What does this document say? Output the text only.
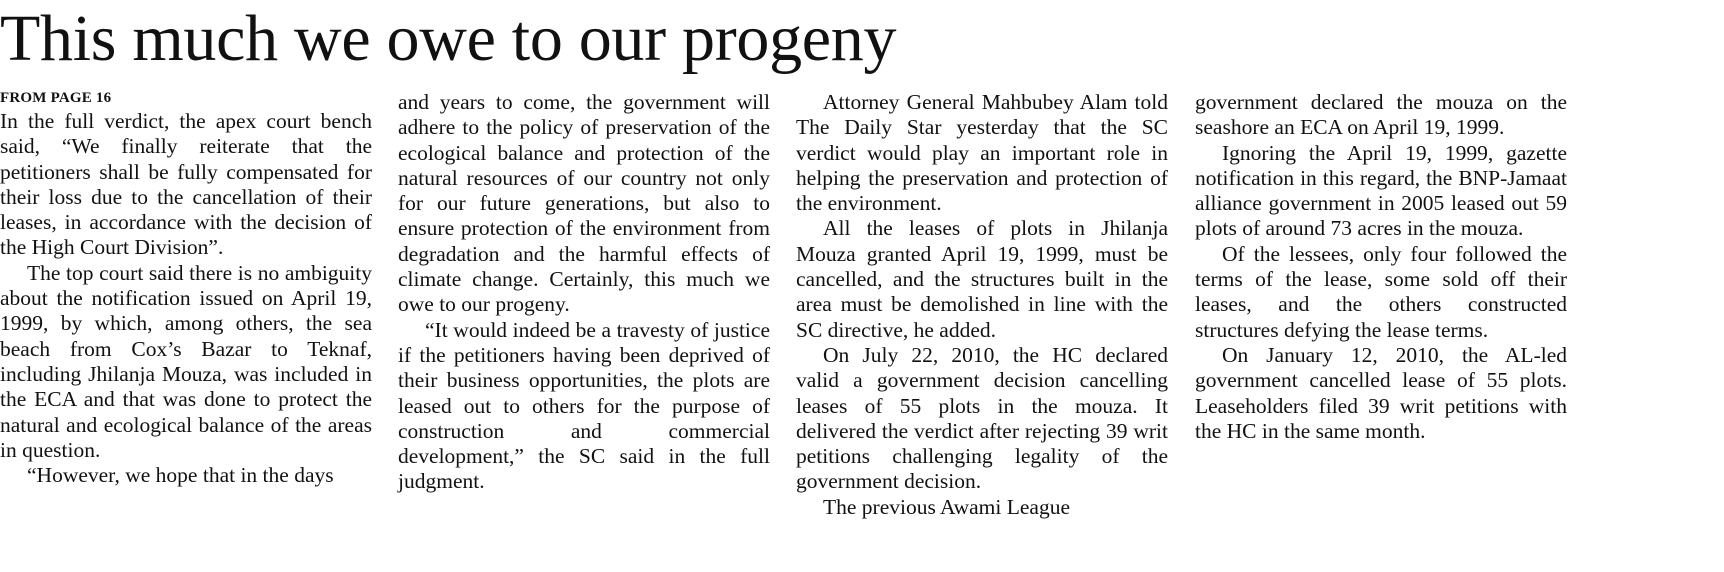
This much we owe to our progeny
FROM PAGE 16

In the full verdict, the apex court bench said, “We finally reiterate that the petitioners shall be fully compensated for their loss due to the cancellation of their leases, in accordance with the decision of the High Court Division”.

The top court said there is no ambiguity about the notification issued on April 19, 1999, by which, among others, the sea beach from Cox’s Bazar to Teknaf, including Jhilanja Mouza, was included in the ECA and that was done to protect the natural and ecological balance of the areas in question.

“However, we hope that in the days

and years to come, the government will adhere to the policy of preservation of the ecological balance and protection of the natural resources of our country not only for our future generations, but also to ensure protection of the environment from degradation and the harmful effects of climate change. Certainly, this much we owe to our progeny.

“It would indeed be a travesty of justice if the petitioners having been deprived of their business opportunities, the plots are leased out to others for the purpose of construction and commercial development,” the SC said in the full judgment.

Attorney General Mahbubey Alam told The Daily Star yesterday that the SC verdict would play an important role in helping the preservation and protection of the environment.

All the leases of plots in Jhilanja Mouza granted April 19, 1999, must be cancelled, and the structures built in the area must be demolished in line with the SC directive, he added.

On July 22, 2010, the HC declared valid a government decision cancelling leases of 55 plots in the mouza. It delivered the verdict after rejecting 39 writ petitions challenging legality of the government decision.

The previous Awami League

government declared the mouza on the seashore an ECA on April 19, 1999.

Ignoring the April 19, 1999, gazette notification in this regard, the BNP-Jamaat alliance government in 2005 leased out 59 plots of around 73 acres in the mouza.

Of the lessees, only four followed the terms of the lease, some sold off their leases, and the others constructed structures defying the lease terms.

On January 12, 2010, the AL-led government cancelled lease of 55 plots. Leaseholders filed 39 writ petitions with the HC in the same month.
